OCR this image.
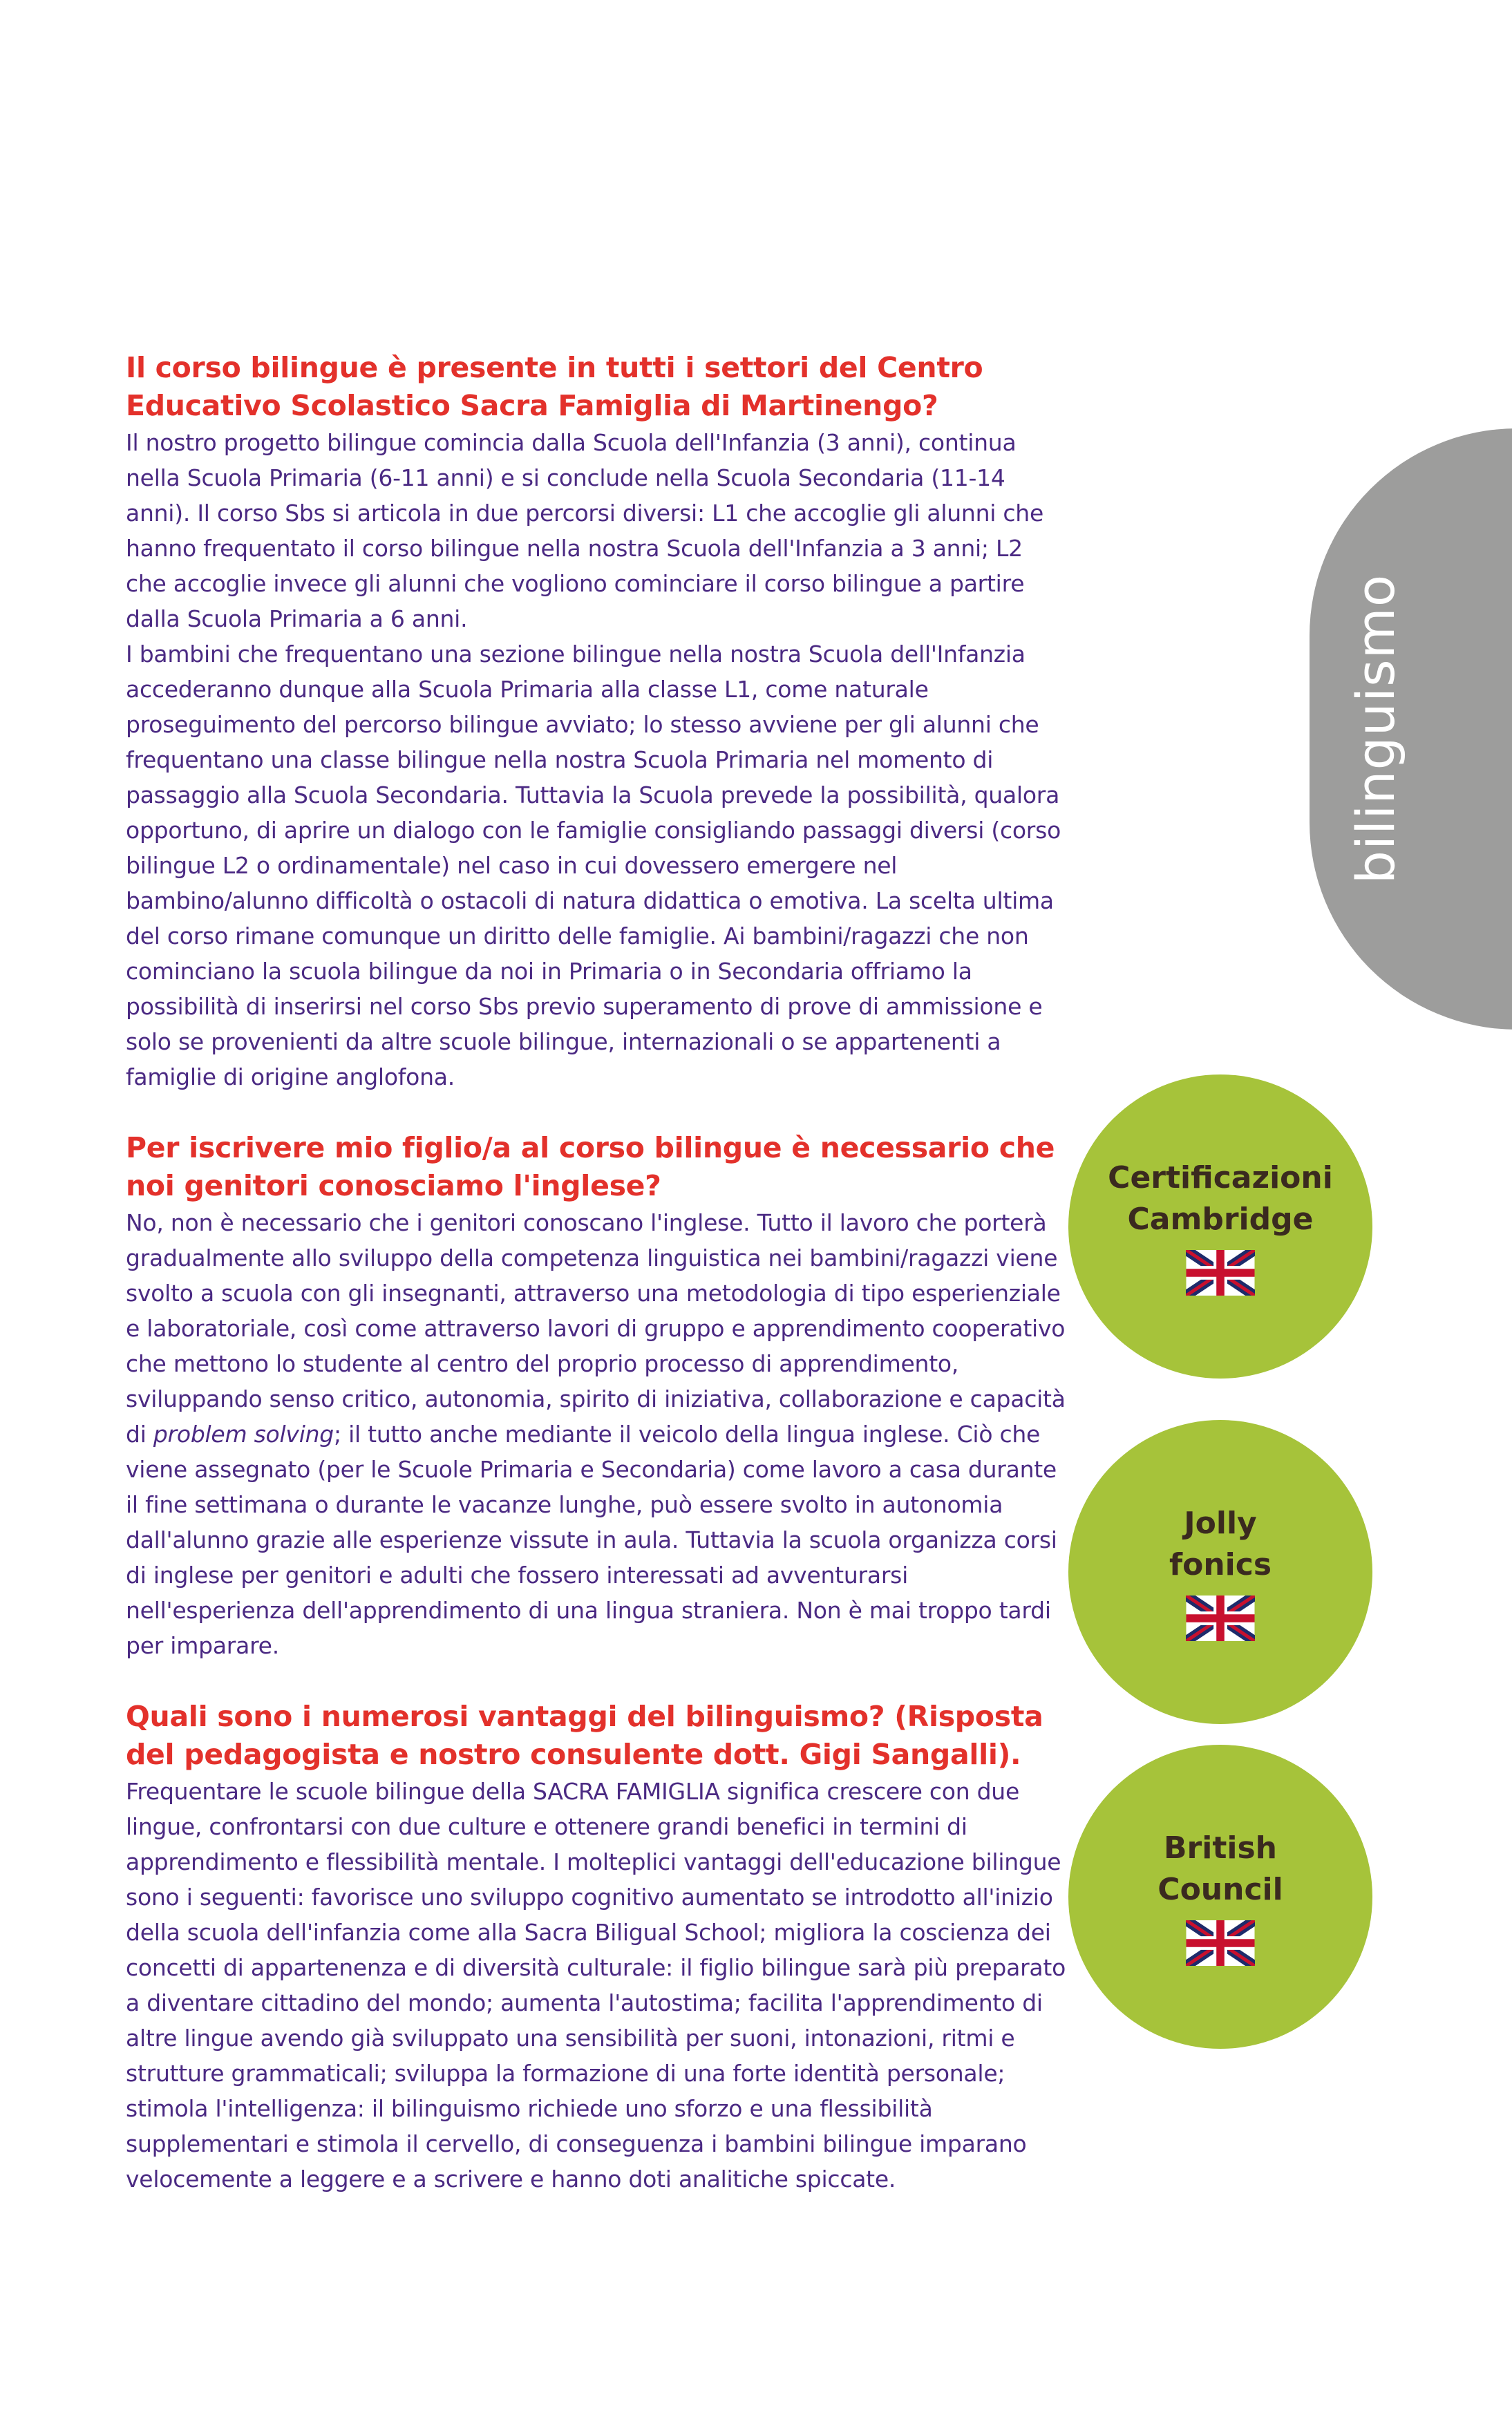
bilinguismo

Il corso bilingue è presente in tutti i settori del Centro Educativo Scolastico Sacra Famiglia di Martinengo?

Il nostro progetto bilingue comincia dalla Scuola dell'Infanzia (3 anni), continua nella Scuola Primaria (6-11 anni) e si conclude nella Scuola Secondaria (11-14 anni). Il corso Sbs si articola in due percorsi diversi: L1 che accoglie gli alunni che hanno frequentato il corso bilingue nella nostra Scuola dell'Infanzia a 3 anni; L2 che accoglie invece gli alunni che vogliono cominciare il corso bilingue a partire dalla Scuola Primaria a 6 anni.
I bambini che frequentano una sezione bilingue nella nostra Scuola dell'Infanzia accederanno dunque alla Scuola Primaria alla classe L1, come naturale proseguimento del percorso bilingue avviato; lo stesso avviene per gli alunni che frequentano una classe bilingue nella nostra Scuola Primaria nel momento di passaggio alla Scuola Secondaria. Tuttavia la Scuola prevede la possibilità, qualora opportuno, di aprire un dialogo con le famiglie consigliando passaggi diversi (corso bilingue L2 o ordinamentale) nel caso in cui dovessero emergere nel bambino/alunno difficoltà o ostacoli di natura didattica o emotiva. La scelta ultima del corso rimane comunque un diritto delle famiglie. Ai bambini/ragazzi che non cominciano la scuola bilingue da noi in Primaria o in Secondaria offriamo la possibilità di inserirsi nel corso Sbs previo superamento di prove di ammissione e solo se provenienti da altre scuole bilingue, internazionali o se appartenenti a famiglie di origine anglofona.

Per iscrivere mio figlio/a al corso bilingue è necessario che noi genitori conosciamo l'inglese?

No, non è necessario che i genitori conoscano l'inglese. Tutto il lavoro che porterà gradualmente allo sviluppo della competenza linguistica nei bambini/ragazzi viene svolto a scuola con gli insegnanti, attraverso una metodologia di tipo esperienziale e laboratoriale, così come attraverso lavori di gruppo e apprendimento cooperativo che mettono lo studente al centro del proprio processo di apprendimento, sviluppando senso critico, autonomia, spirito di iniziativa, collaborazione e capacità di problem solving; il tutto anche mediante il veicolo della lingua inglese. Ciò che viene assegnato (per le Scuole Primaria e Secondaria) come lavoro a casa durante il fine settimana o durante le vacanze lunghe, può essere svolto in autonomia dall'alunno grazie alle esperienze vissute in aula. Tuttavia la scuola organizza corsi di inglese per genitori e adulti che fossero interessati ad avventurarsi nell'esperienza dell'apprendimento di una lingua straniera. Non è mai troppo tardi per imparare.

Quali sono i numerosi vantaggi del bilinguismo? (Risposta del pedagogista e nostro consulente dott. Gigi Sangalli).

Frequentare le scuole bilingue della SACRA FAMIGLIA significa crescere con due lingue, confrontarsi con due culture e ottenere grandi benefici in termini di apprendimento e flessibilità mentale. I molteplici vantaggi dell'educazione bilingue sono i seguenti: favorisce uno sviluppo cognitivo aumentato se introdotto all'inizio della scuola dell'infanzia come alla Sacra Biligual School; migliora la coscienza dei concetti di appartenenza e di diversità culturale: il figlio bilingue sarà più preparato a diventare cittadino del mondo; aumenta l'autostima; facilita l'apprendimento di altre lingue avendo già sviluppato una sensibilità per suoni, intonazioni, ritmi e strutture grammaticali; sviluppa la formazione di una forte identità personale; stimola l'intelligenza: il bilinguismo richiede uno sforzo e una flessibilità supplementari e stimola il cervello, di conseguenza i bambini bilingue imparano velocemente a leggere e a scrivere e hanno doti analitiche spiccate.

Certificazioni
Cambridge
Jolly
fonics
British
Council
